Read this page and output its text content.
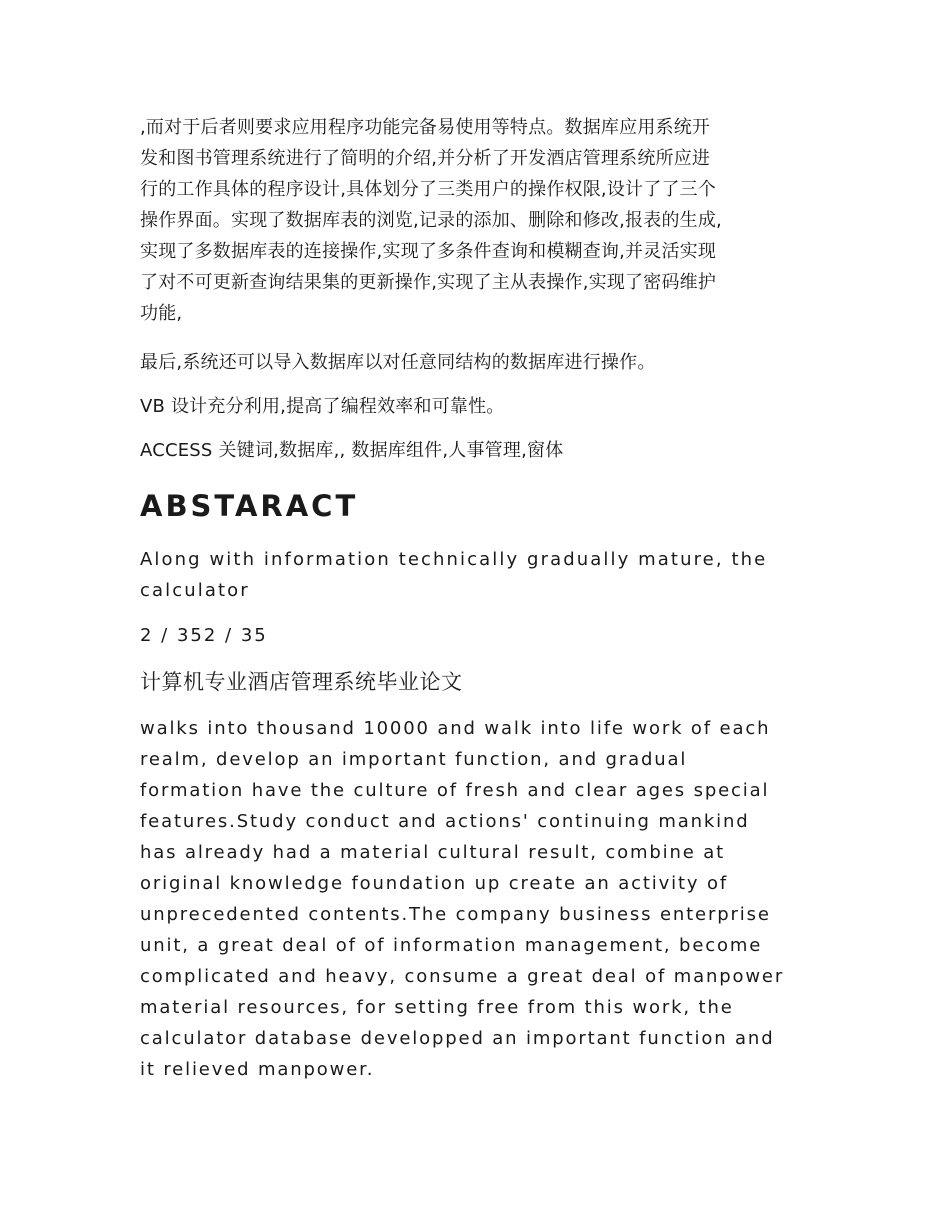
,而对于后者则要求应用程序功能完备易使用等特点。数据库应用系统开
发和图书管理系统进行了简明的介绍,并分析了开发酒店管理系统所应进
行的工作具体的程序设计,具体划分了三类用户的操作权限,设计了了三个
操作界面。实现了数据库表的浏览,记录的添加、删除和修改,报表的生成,
实现了多数据库表的连接操作,实现了多条件查询和模糊查询,并灵活实现
了对不可更新查询结果集的更新操作,实现了主从表操作,实现了密码维护
功能,

最后,系统还可以导入数据库以对任意同结构的数据库进行操作。

VB 设计充分利用,提高了编程效率和可靠性。

ACCESS 关键词,数据库,, 数据库组件,人事管理,窗体

ABSTARACT

Along with information technically gradually mature, the
calculator

2 / 352 / 35

计算机专业酒店管理系统毕业论文

walks into thousand 10000 and walk into life work of each
realm, develop an important function, and gradual
formation have the culture of fresh and clear ages special
features.Study conduct and actions' continuing mankind
has already had a material cultural result, combine at
original knowledge foundation up create an activity of
unprecedented contents.The company business enterprise
unit, a great deal of of information management, become
complicated and heavy, consume a great deal of manpower
material resources, for setting free from this work, the
calculator database developped an important function and
it relieved manpower.
